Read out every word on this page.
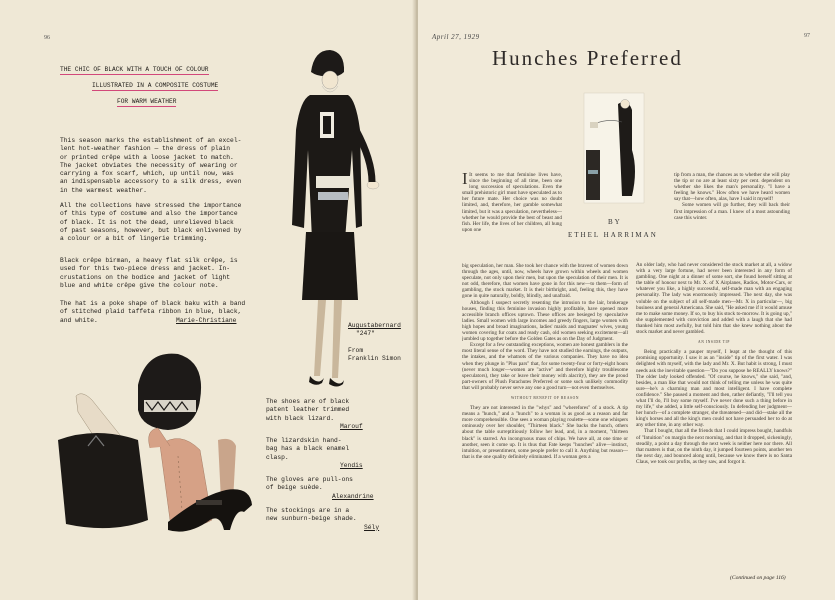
96
THE CHIC OF BLACK WITH A TOUCH OF COLOUR
ILLUSTRATED IN A COMPOSITE COSTUME
FOR WARM WEATHER
This season marks the establishment of an excel-
lent hot-weather fashion — the dress of plain
or printed crêpe with a loose jacket to match.
The jacket obviates the necessity of wearing or
carrying a fox scarf, which, up until now, was
an indispensable accessory to a silk dress, even
in the warmest weather.
All the collections have stressed the importance
of this type of costume and also the importance
of black. It is not the dead, unrelieved black
of past seasons, however, but black enlivened by
a colour or a bit of lingerie trimming.
Black crêpe birman, a heavy flat silk crêpe, is
used for this two-piece dress and jacket. In-
crustations on the bodice and jacket of light
blue and white crêpe give the colour note.
The hat is a poke shape of black baku with a band
of stitched plaid taffeta ribbon in blue, black,
and white.	Marie-Christiane
Augustabernard
"247"
From
Franklin Simon
The shoes are of black
patent leather trimmed
with black lizard.
Marouf
The lizardskin hand-
bag has a black enamel
clasp.
Yendis
The gloves are pull-ons
of beige suède.
Alexandrine
The stockings are in a
new sunburn-beige shade.
Sély
April 27, 1929	97
Hunches Preferred
BY
ETHEL HARRIMAN

I It seems to me that feminine lives have, since the beginning of all time, been one long succession of speculations. Even the small prehistoric girl must have speculated as to her future mate. Her choice was no doubt limited, and, therefore, her gamble somewhat limited, but it was a speculation, nevertheless—whether he would provide the best of beast and fish. Her life, the lives of her children, all hung upon one

tip from a man, the chances as to whether she will play the tip or no are at least sixty per cent. dependent on whether she likes the man's personality. "I have a feeling he knows." How often we have heard women say that—how often, alas, have I said it myself!

Some women will go further, they will back their first impression of a man. I knew of a most astounding case this winter.

big speculation, her man. She took her chance with the bravest of women down through the ages, until, now, wheels have grown within wheels and women speculate, not only upon their men, but upon the speculation of their men. It is not odd, therefore, that women have gone in for this new—to them—form of gambling, the stock market. It is their birthright, and, feeling this, they have gone in quite naturally, boldly, blindly, and unafraid.

Although I suspect secretly resenting the intrusion to the lair, brokerage houses, finding this feminine invasion highly profitable, have opened more accessible branch offices uptown. These offices are besieged by speculative ladies. Small women with large incomes and greedy fingers, large women with high hopes and broad imaginations, ladies' maids and magnates' wives, young women covering fur coats and ready cash, old women seeking excitement—all jumbled up together before the Golden Gates as on the Day of Judgment.

Except for a few outstanding exceptions, women are honest gamblers in the most literal sense of the word. They have not studied the earnings, the outputs, the intakes, and the whatnots of the various companies. They have no idea when they plunge in "Plus pars" that, for some twenty-four or forty-eight hours (never much longer—women are "active" and therefore highly troublesome speculators), they take or leave their money with alacrity), they are the proud part-owners of Plush Parachutes Preferred or some such unlikely commodity that will probably never serve any one a good turn—not even themselves.

WITHOUT BENEFIT OF REASON

They are not interested in the "whys" and "wherefores" of a stock. A tip means a "hunch," and a "hunch" to a woman is as good as a reason and far more comprehensible. One sees a woman playing roulette—some one whispers ominously over her shoulder, "Thirteen black." She backs the hunch, others about the table surreptitiously follow her lead, and, in a moment, "thirteen black" is starred. An incongruous mass of chips. We have all, at one time or another, seen it come up. It is thus that Fate keeps "hunches" alive—instinct, intuition, or presentiment, some people prefer to call it. Anything but reason—that is the one quality definitely eliminated. If a woman gets a

An older lady, who had never considered the stock market at all, a widow with a very large fortune, had never been interested in any form of gambling. One night at a dinner of some sort, she found herself sitting at the table of honour next to Mr. X. of X Airplanes, Radios, Motor-Cars, or whatever you like, a highly successful, self-made man with an engaging personality. The lady was enormously impressed. The next day, she was voluble on the subject of all self-made men—Mr. X in particular—, big business and general Americana. She said, "He asked me if it would amuse me to make some money. If so, to buy his stock to-morrow. It is going up," she supplemented with conviction and added with a laugh that she had thanked him most awfully, but told him that she knew nothing about the stock market and never gambled.

AN INSIDE TIP

Being practically a pauper myself, I leapt at the thought of this promising opportunity. I saw it as an "inside" tip of the first water. I was delighted with myself, with the lady and Mr. X. But habit is strong, I must needs ask the inevitable question—"Do you suppose he REALLY knows?" The older lady looked offended. "Of course, he knows," she said, "and, besides, a man like that would not think of telling me unless he was quite sure—he's a charming man and most intelligent. I have complete confidence." She paused a moment and then, rather defiantly, "I'll tell you what I'll do, I'll buy some myself. I've never done such a thing before in my life," she added, a little self-consciously. In defending her judgment—her hunch—of a complete stranger, she threatened—and did—stake all the king's horses and all the king's men could not have persuaded her to do at any other time, in any other way.

That I bought, that all the friends that I could impress bought, handfuls of "Intuition" on margin the next morning, and that it dropped, sickeningly, steadily, a point a day through the next week is neither here nor there. All that matters is that, on the ninth day, it jumped fourteen points, another ten the next day, and bounced along until, because we know there is no Santa Claus, we took our profits, as they saw, and forgot it.

(Continued on page 116)
